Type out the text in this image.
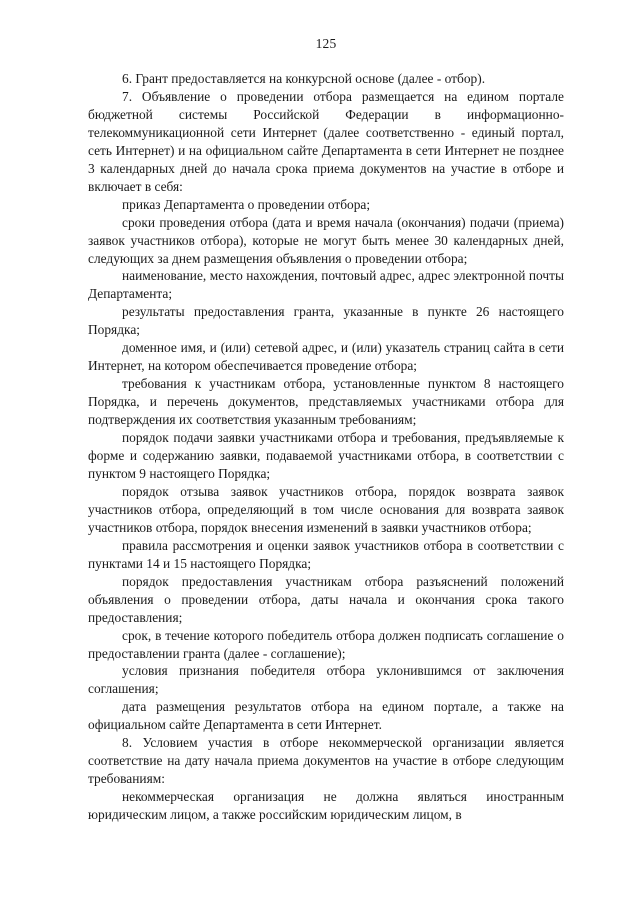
125

6. Грант предоставляется на конкурсной основе (далее - отбор).

7. Объявление о проведении отбора размещается на едином портале бюджетной системы Российской Федерации в информационно-телекоммуникационной сети Интернет (далее соответственно - единый портал, сеть Интернет) и на официальном сайте Департамента в сети Интернет не позднее 3 календарных дней до начала срока приема документов на участие в отборе и включает в себя:

приказ Департамента о проведении отбора;

сроки проведения отбора (дата и время начала (окончания) подачи (приема) заявок участников отбора), которые не могут быть менее 30 календарных дней, следующих за днем размещения объявления о проведении отбора;

наименование, место нахождения, почтовый адрес, адрес электронной почты Департамента;

результаты предоставления гранта, указанные в пункте 26 настоящего Порядка;

доменное имя, и (или) сетевой адрес, и (или) указатель страниц сайта в сети Интернет, на котором обеспечивается проведение отбора;

требования к участникам отбора, установленные пунктом 8 настоящего Порядка, и перечень документов, представляемых участниками отбора для подтверждения их соответствия указанным требованиям;

порядок подачи заявки участниками отбора и требования, предъявляемые к форме и содержанию заявки, подаваемой участниками отбора, в соответствии с пунктом 9 настоящего Порядка;

порядок отзыва заявок участников отбора, порядок возврата заявок участников отбора, определяющий в том числе основания для возврата заявок участников отбора, порядок внесения изменений в заявки участников отбора;

правила рассмотрения и оценки заявок участников отбора в соответствии с пунктами 14 и 15 настоящего Порядка;

порядок предоставления участникам отбора разъяснений положений объявления о проведении отбора, даты начала и окончания срока такого предоставления;

срок, в течение которого победитель отбора должен подписать соглашение о предоставлении гранта (далее - соглашение);

условия признания победителя отбора уклонившимся от заключения соглашения;

дата размещения результатов отбора на едином портале, а также на официальном сайте Департамента в сети Интернет.

8. Условием участия в отборе некоммерческой организации является соответствие на дату начала приема документов на участие в отборе следующим требованиям:

некоммерческая организация не должна являться иностранным юридическим лицом, а также российским юридическим лицом, в
